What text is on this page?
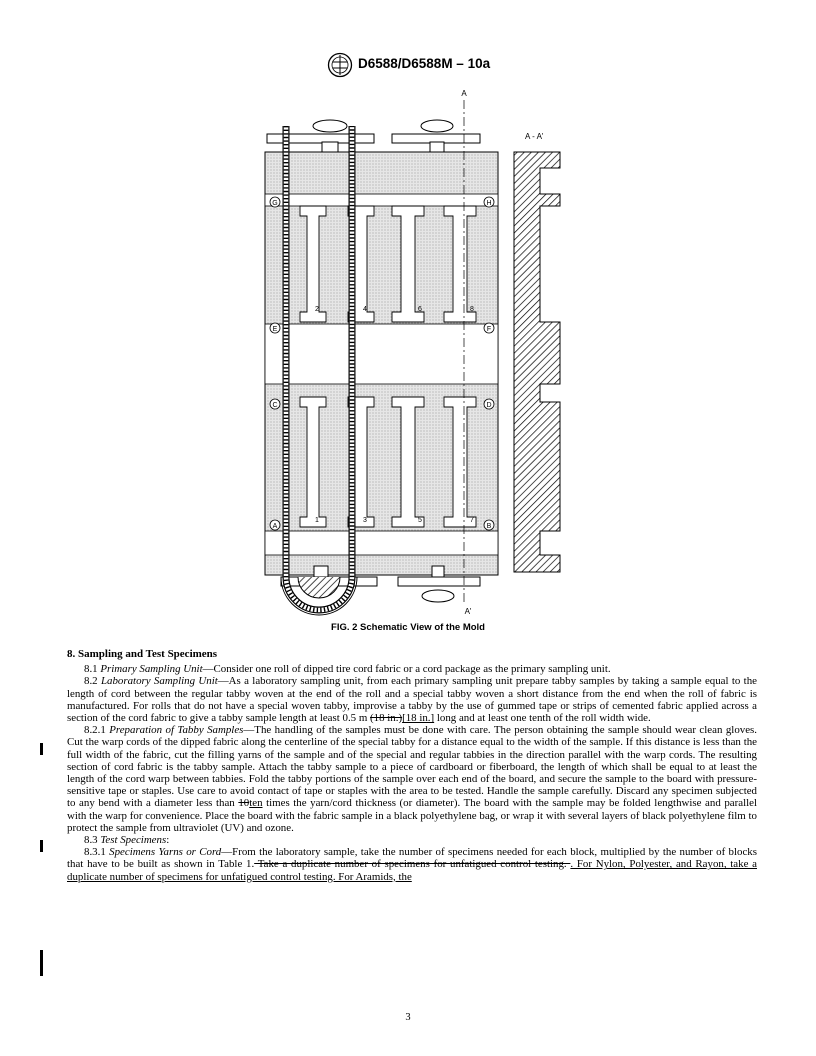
D6588/D6588M – 10a
A
A'
G	H
E	F
C	D
A	B
2	4	6	8
1	3	5	7
A - A'
FIG. 2 Schematic View of the Mold

8. Sampling and Test Specimens

8.1 Primary Sampling Unit—Consider one roll of dipped tire cord fabric or a cord package as the primary sampling unit.

8.2 Laboratory Sampling Unit—As a laboratory sampling unit, from each primary sampling unit prepare tabby samples by taking a sample equal to the length of cord between the regular tabby woven at the end of the roll and a special tabby woven a short distance from the end when the roll of fabric is manufactured. For rolls that do not have a special woven tabby, improvise a tabby by the use of gummed tape or strips of cemented fabric applied across a section of the cord fabric to give a tabby sample length at least 0.5 m (18 in.)[18 in.] long and at least one tenth of the roll width wide.

8.2.1 Preparation of Tabby Samples—The handling of the samples must be done with care. The person obtaining the sample should wear clean gloves. Cut the warp cords of the dipped fabric along the centerline of the special tabby for a distance equal to the width of the sample. If this distance is less than the full width of the fabric, cut the filling yarns of the sample and of the special and regular tabbies in the direction parallel with the warp cords. The resulting section of cord fabric is the tabby sample. Attach the tabby sample to a piece of cardboard or fiberboard, the length of which shall be equal to at least the length of the cord warp between tabbies. Fold the tabby portions of the sample over each end of the board, and secure the sample to the board with pressure-sensitive tape or staples. Use care to avoid contact of tape or staples with the area to be tested. Handle the sample carefully. Discard any specimen subjected to any bend with a diameter less than 10ten times the yarn/cord thickness (or diameter). The board with the sample may be folded lengthwise and parallel with the warp for convenience. Place the board with the fabric sample in a black polyethylene bag, or wrap it with several layers of black polyethylene film to protect the sample from ultraviolet (UV) and ozone.

8.3 Test Specimens:

8.3.1 Specimens Yarns or Cord—From the laboratory sample, take the number of specimens needed for each block, multiplied by the number of blocks that have to be built as shown in Table 1. Take a duplicate number of specimens for unfatigued control testing. . For Nylon, Polyester, and Rayon, take a duplicate number of specimens for unfatigued control testing. For Aramids, the

3
